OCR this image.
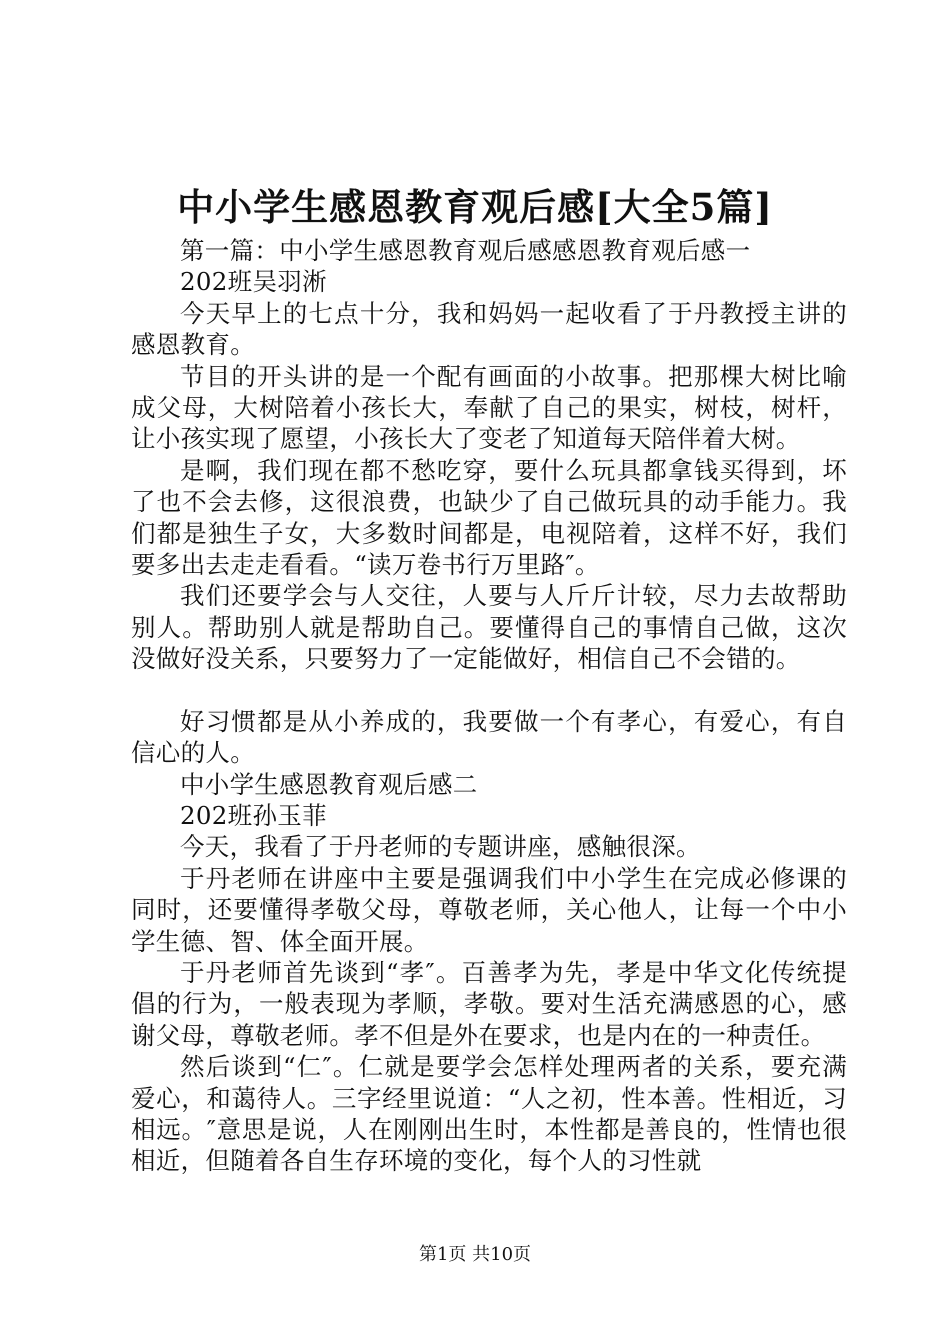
中小学生感恩教育观后感[大全5篇]

第一篇：中小学生感恩教育观后感感恩教育观后感一

202班吴羽淅

今天早上的七点十分，我和妈妈一起收看了于丹教授主讲的感恩教育。

节目的开头讲的是一个配有画面的小故事。把那棵大树比喻成父母，大树陪着小孩长大，奉献了自己的果实，树枝，树杆，让小孩实现了愿望，小孩长大了变老了知道每天陪伴着大树。

是啊，我们现在都不愁吃穿，要什么玩具都拿钱买得到，坏了也不会去修，这很浪费，也缺少了自己做玩具的动手能力。我们都是独生子女，大多数时间都是，电视陪着，这样不好，我们要多出去走走看看。“读万卷书行万里路″。

我们还要学会与人交往，人要与人斤斤计较，尽力去故帮助别人。帮助别人就是帮助自己。要懂得自己的事情自己做，这次没做好没关系，只要努力了一定能做好，相信自己不会错的。

好习惯都是从小养成的，我要做一个有孝心，有爱心，有自信心的人。

中小学生感恩教育观后感二

202班孙玉菲

今天，我看了于丹老师的专题讲座，感触很深。

于丹老师在讲座中主要是强调我们中小学生在完成必修课的同时，还要懂得孝敬父母，尊敬老师，关心他人，让每一个中小学生德、智、体全面开展。

于丹老师首先谈到“孝″。百善孝为先，孝是中华文化传统提倡的行为，一般表现为孝顺，孝敬。要对生活充满感恩的心，感谢父母，尊敬老师。孝不但是外在要求，也是内在的一种责任。

然后谈到“仁″。仁就是要学会怎样处理两者的关系，要充满爱心，和蔼待人。三字经里说道：“人之初，性本善。性相近，习相远。″意思是说，人在刚刚出生时，本性都是善良的，性情也很相近，但随着各自生存环境的变化，每个人的习性就

第1页 共10页
